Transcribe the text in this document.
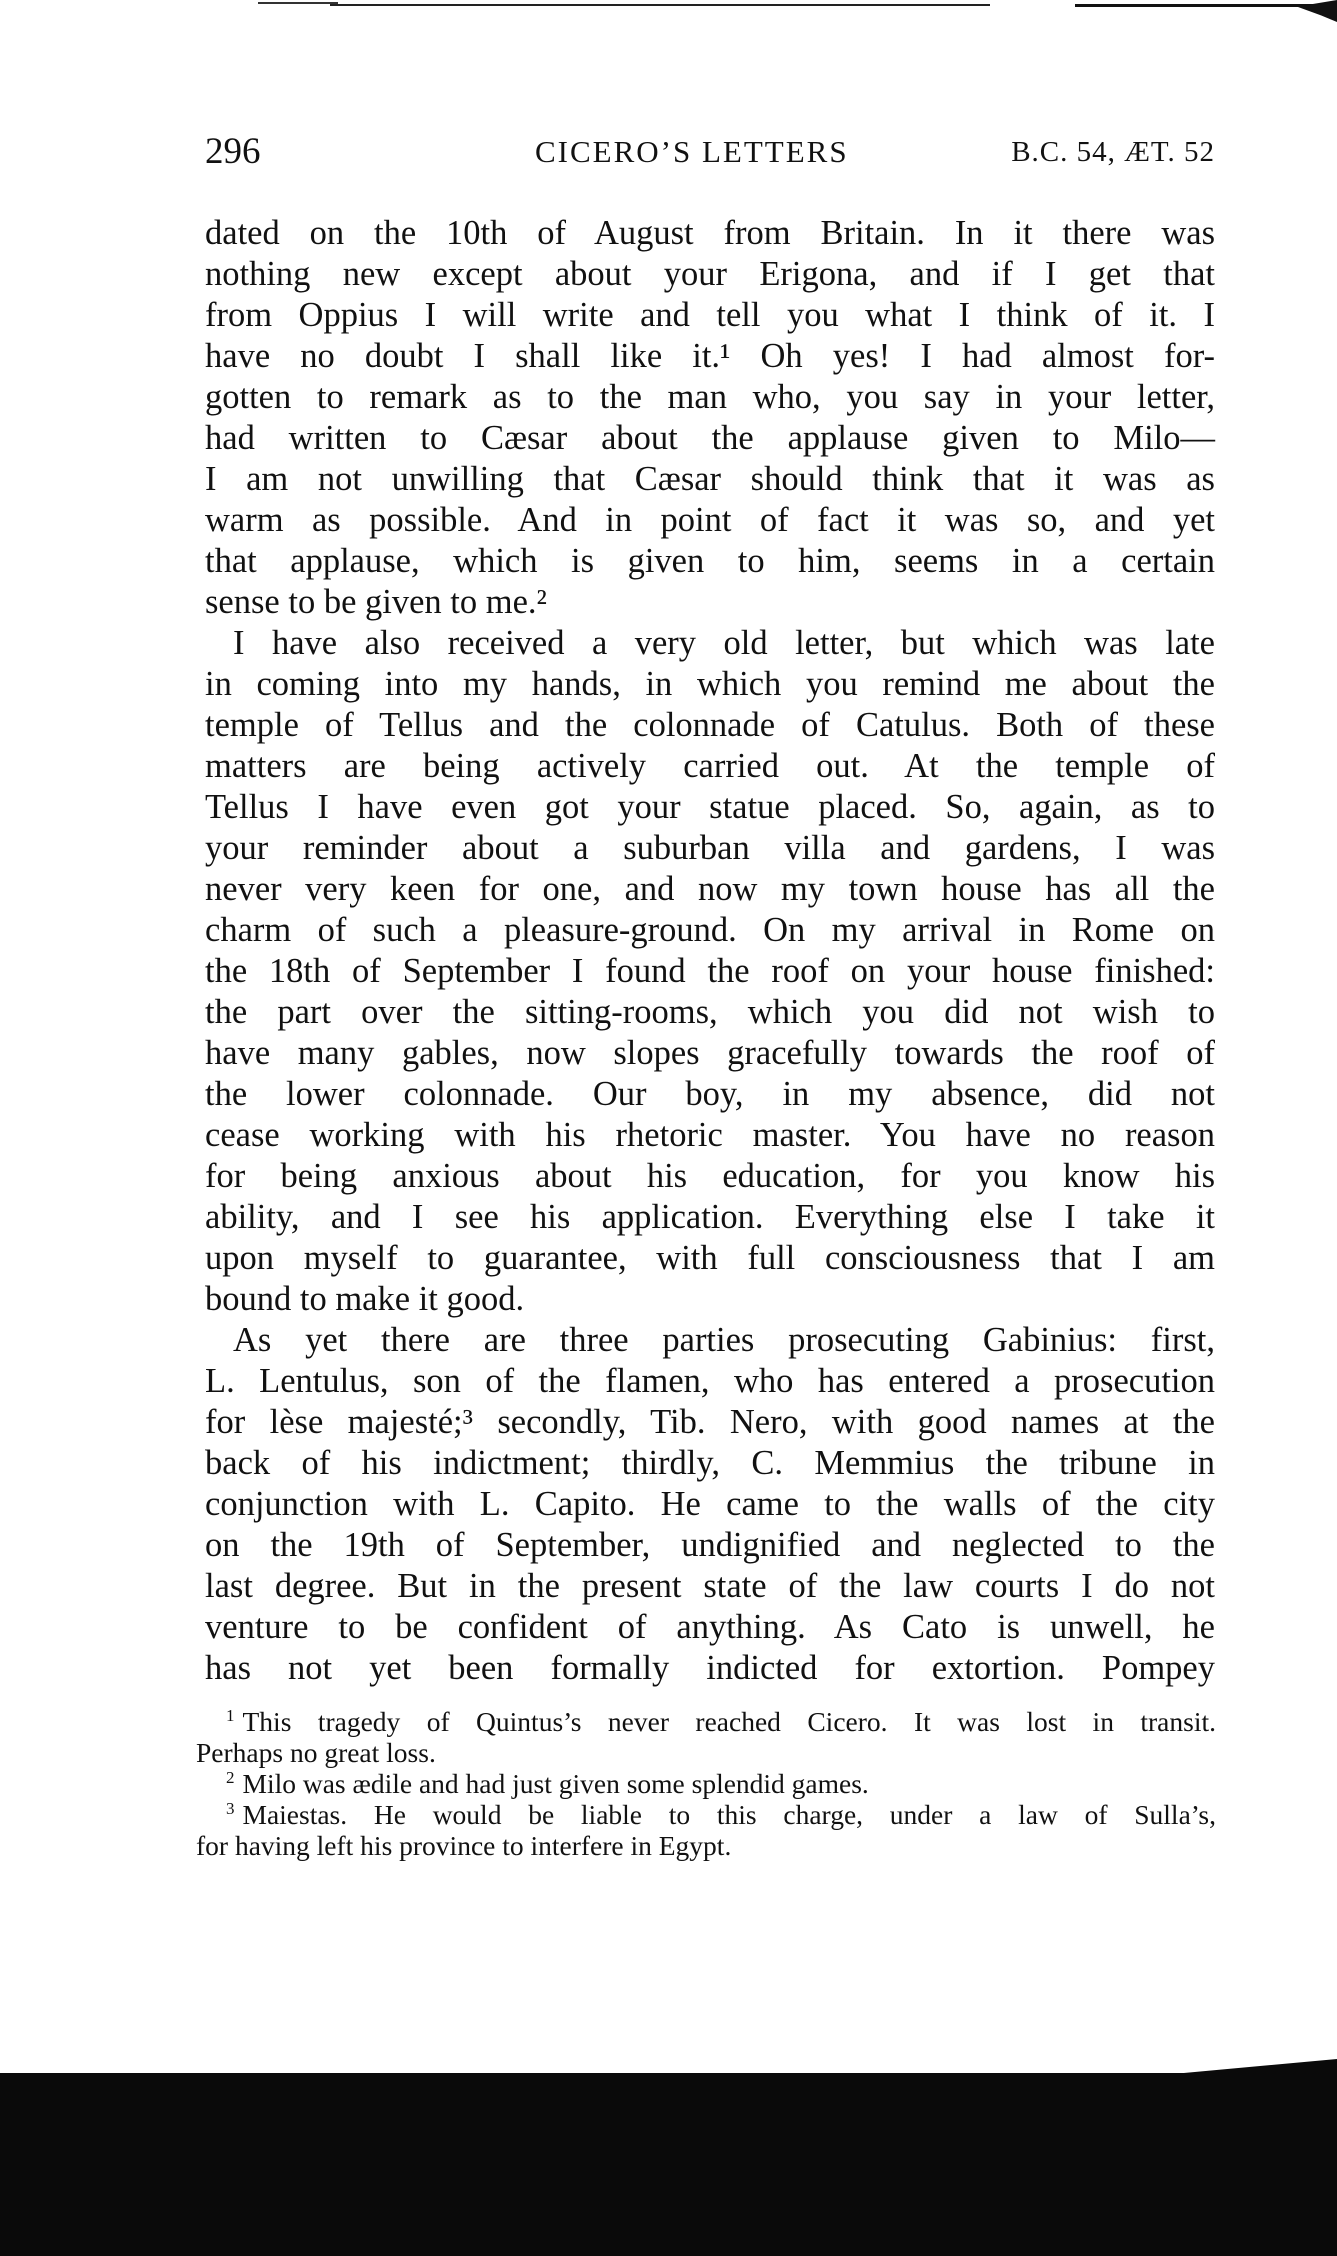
296	CICERO’S LETTERS	B.C. 54, ÆT. 52
dated on the 10th of August from Britain. In it there was
nothing new except about your Erigona, and if I get that
from Oppius I will write and tell you what I think of it. I
have no doubt I shall like it.¹ Oh yes! I had almost for-
gotten to remark as to the man who, you say in your letter,
had written to Cæsar about the applause given to Milo—
I am not unwilling that Cæsar should think that it was as
warm as possible. And in point of fact it was so, and yet
that applause, which is given to him, seems in a certain
sense to be given to me.²
I have also received a very old letter, but which was late
in coming into my hands, in which you remind me about the
temple of Tellus and the colonnade of Catulus. Both of these
matters are being actively carried out. At the temple of
Tellus I have even got your statue placed. So, again, as to
your reminder about a suburban villa and gardens, I was
never very keen for one, and now my town house has all the
charm of such a pleasure-ground. On my arrival in Rome on
the 18th of September I found the roof on your house finished:
the part over the sitting-rooms, which you did not wish to
have many gables, now slopes gracefully towards the roof of
the lower colonnade. Our boy, in my absence, did not
cease working with his rhetoric master. You have no reason
for being anxious about his education, for you know his
ability, and I see his application. Everything else I take it
upon myself to guarantee, with full consciousness that I am
bound to make it good.
As yet there are three parties prosecuting Gabinius: first,
L. Lentulus, son of the flamen, who has entered a prosecution
for lèse majesté;³ secondly, Tib. Nero, with good names at the
back of his indictment; thirdly, C. Memmius the tribune in
conjunction with L. Capito. He came to the walls of the city
on the 19th of September, undignified and neglected to the
last degree. But in the present state of the law courts I do not
venture to be confident of anything. As Cato is unwell, he
has not yet been formally indicted for extortion. Pompey
$^1$ This tragedy of Quintus’s never reached Cicero. It was lost in transit.
Perhaps no great loss.
$^2$ Milo was ædile and had just given some splendid games.
$^3$ Maiestas. He would be liable to this charge, under a law of Sulla’s,
for having left his province to interfere in Egypt.
